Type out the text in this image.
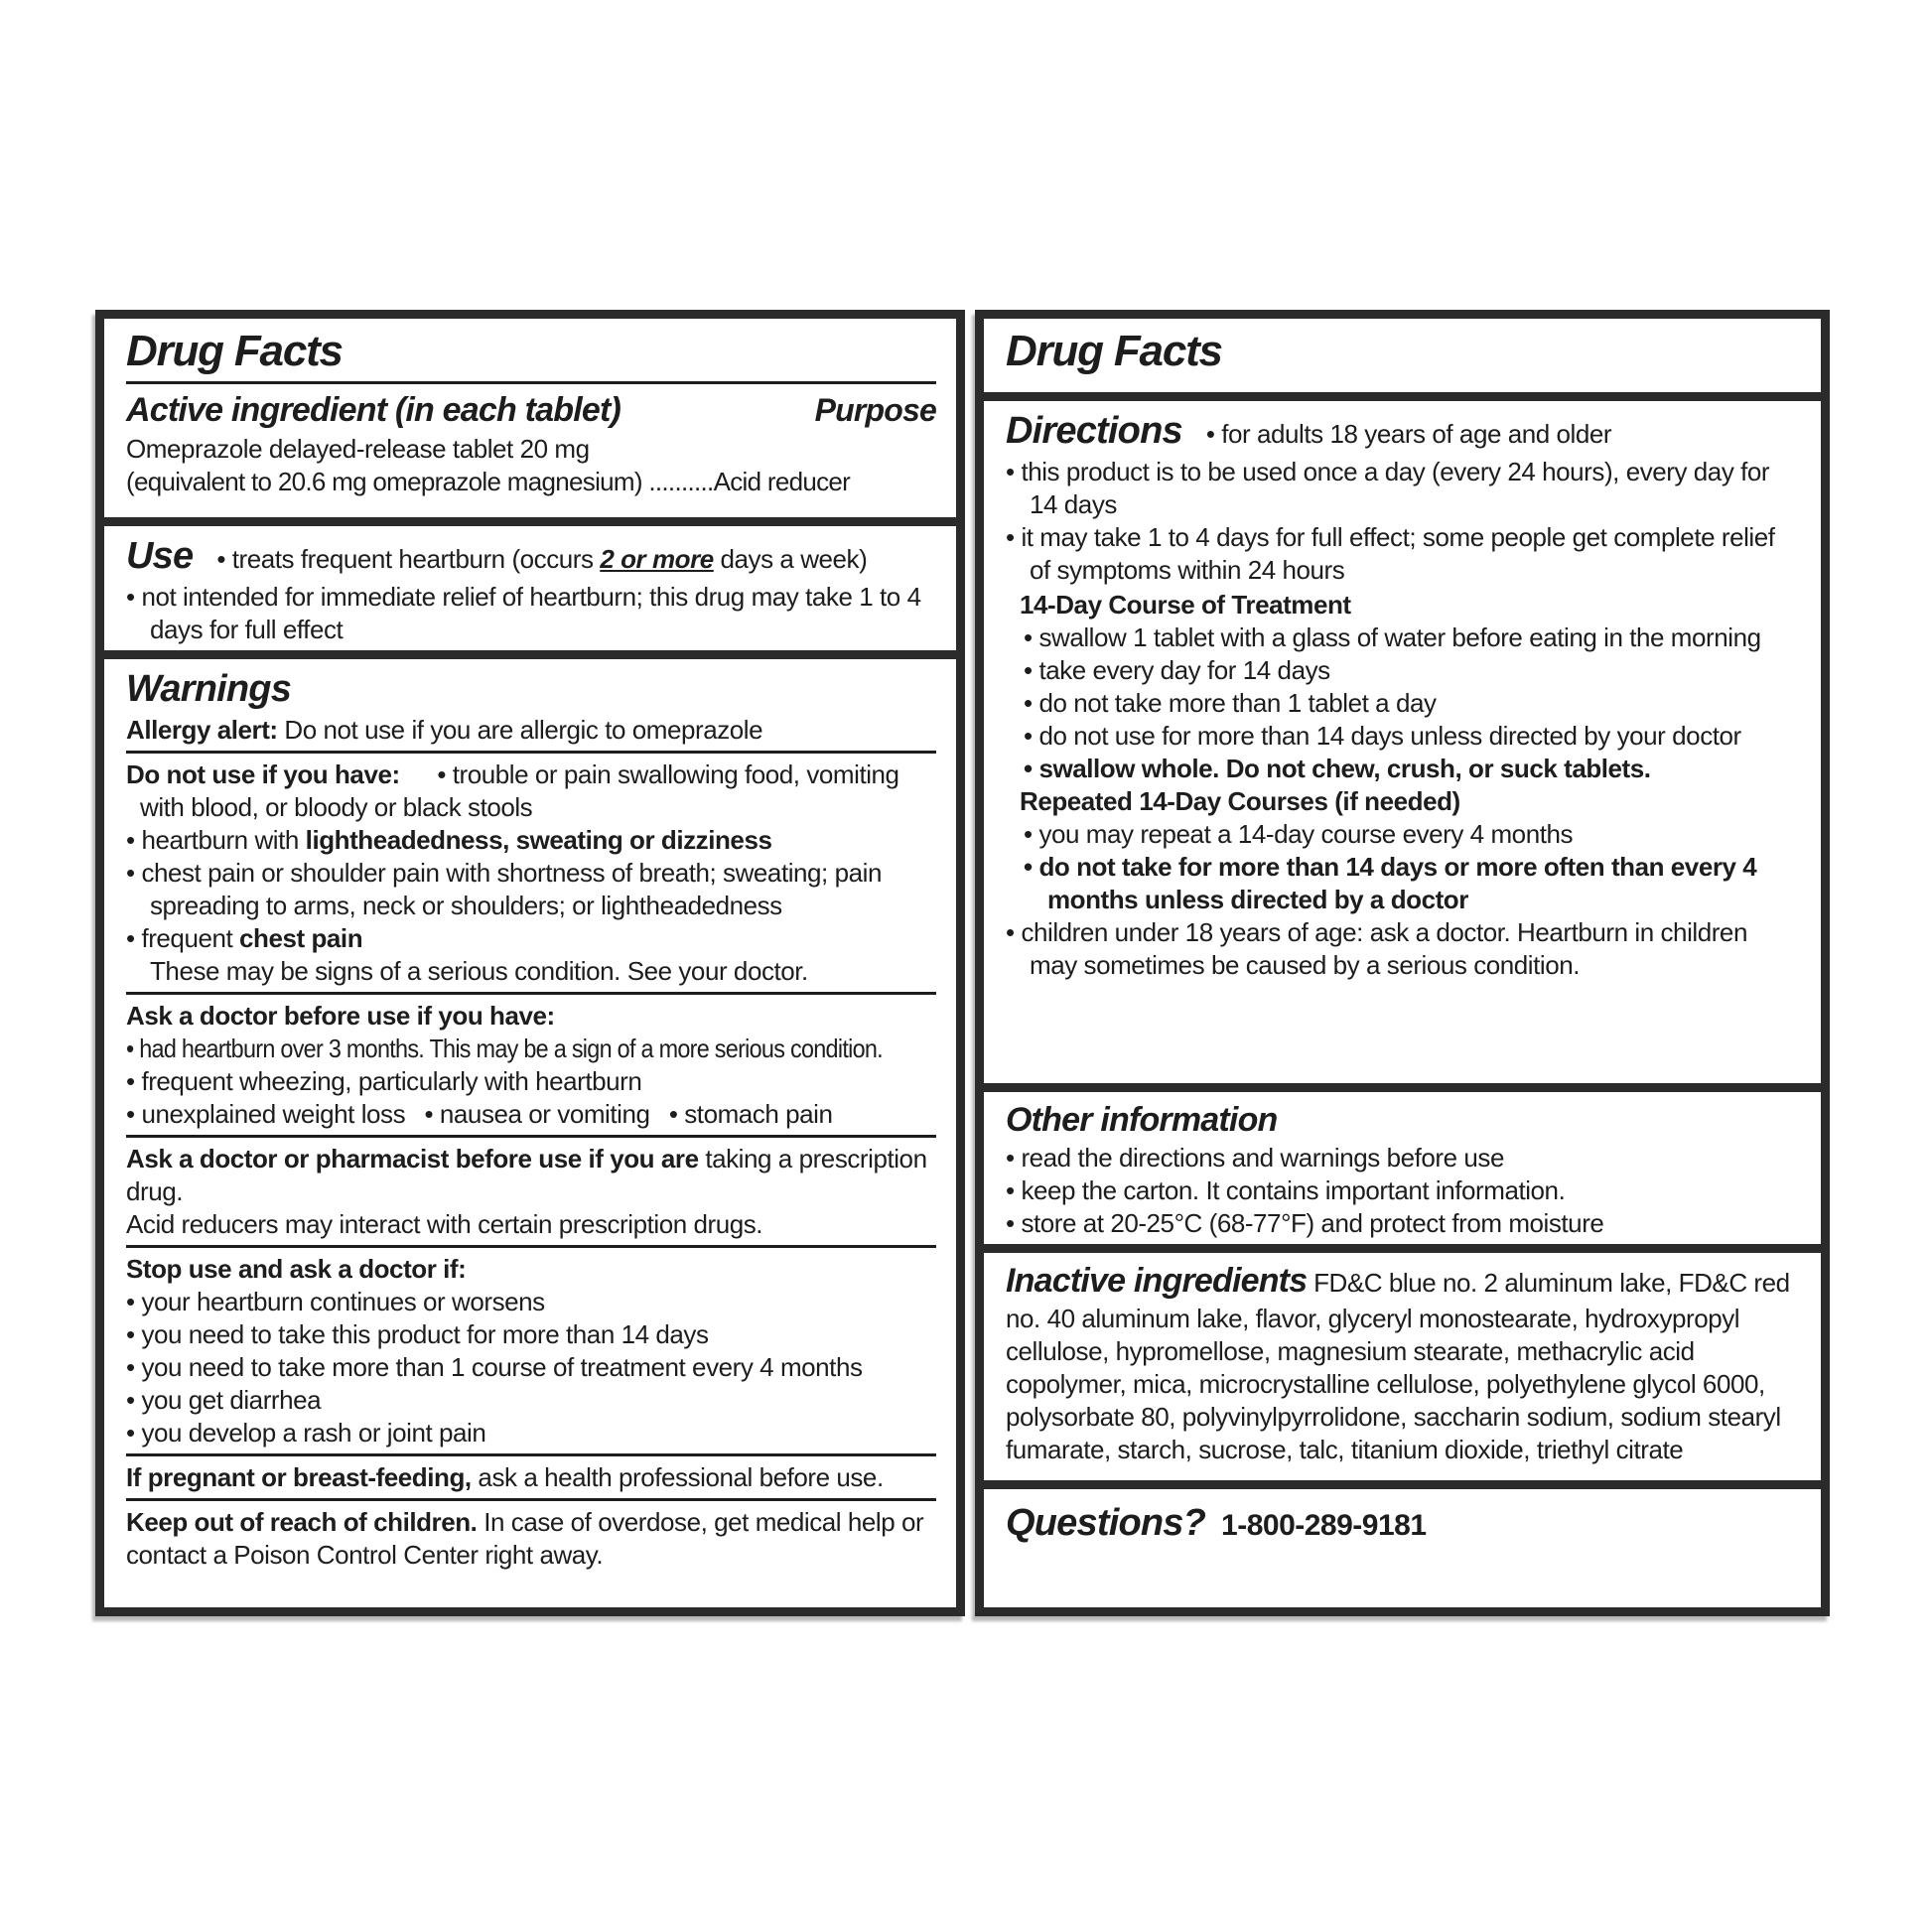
Drug Facts
Active ingredient (in each tablet)	Purpose
Omeprazole delayed-release tablet 20 mg
(equivalent to 20.6 mg omeprazole magnesium) ..........Acid reducer
Use	• treats frequent heartburn (occurs 2 or more days a week)
• not intended for immediate relief of heartburn; this drug may take 1 to 4 days for full effect
Warnings
Allergy alert: Do not use if you are allergic to omeprazole
Do not use if you have:   • trouble or pain swallowing food, vomiting with blood, or bloody or black stools
• heartburn with lightheadedness, sweating or dizziness
• chest pain or shoulder pain with shortness of breath; sweating; pain spreading to arms, neck or shoulders; or lightheadedness
• frequent chest pain
These may be signs of a serious condition. See your doctor.
Ask a doctor before use if you have:
• had heartburn over 3 months. This may be a sign of a more serious condition.
• frequent wheezing, particularly with heartburn
• unexplained weight loss  • nausea or vomiting  • stomach pain
Ask a doctor or pharmacist before use if you are taking a prescription drug.
Acid reducers may interact with certain prescription drugs.
Stop use and ask a doctor if:
• your heartburn continues or worsens
• you need to take this product for more than 14 days
• you need to take more than 1 course of treatment every 4 months
• you get diarrhea
• you develop a rash or joint pain
If pregnant or breast-feeding, ask a health professional before use.
Keep out of reach of children. In case of overdose, get medical help or contact a Poison Control Center right away.
Drug Facts
Directions	• for adults 18 years of age and older
• this product is to be used once a day (every 24 hours), every day for 14 days
• it may take 1 to 4 days for full effect; some people get complete relief of symptoms within 24 hours
14-Day Course of Treatment
• swallow 1 tablet with a glass of water before eating in the morning
• take every day for 14 days
• do not take more than 1 tablet a day
• do not use for more than 14 days unless directed by your doctor
• swallow whole. Do not chew, crush, or suck tablets.
Repeated 14-Day Courses (if needed)
• you may repeat a 14-day course every 4 months
• do not take for more than 14 days or more often than every 4 months unless directed by a doctor
• children under 18 years of age: ask a doctor. Heartburn in children may sometimes be caused by a serious condition.
Other information
• read the directions and warnings before use
• keep the carton. It contains important information.
• store at 20-25°C (68-77°F) and protect from moisture

Inactive ingredients FD&C blue no. 2 aluminum lake, FD&C red no. 40 aluminum lake, flavor, glyceryl monostearate, hydroxypropyl cellulose, hypromellose, magnesium stearate, methacrylic acid copolymer, mica, microcrystalline cellulose, polyethylene glycol 6000, polysorbate 80, polyvinylpyrrolidone, saccharin sodium, sodium stearyl fumarate, starch, sucrose, talc, titanium dioxide, triethyl citrate

Questions? 1-800-289-9181
